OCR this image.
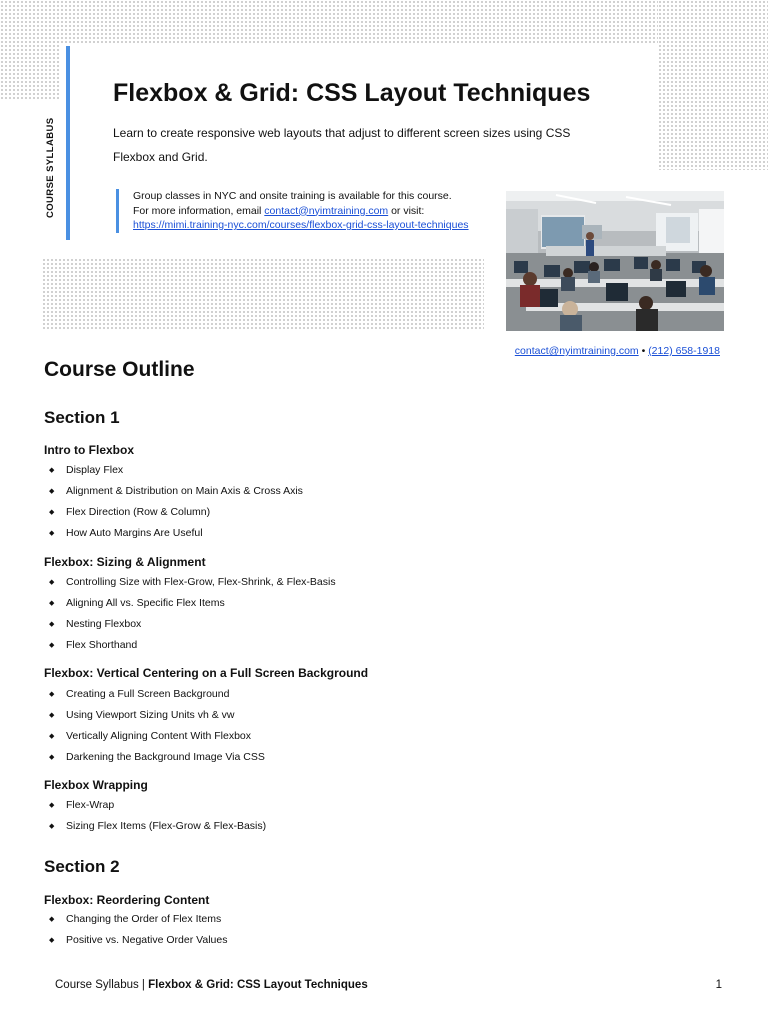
COURSE SYLLABUS
Flexbox & Grid: CSS Layout Techniques

Learn to create responsive web layouts that adjust to different screen sizes using CSS Flexbox and Grid.

Group classes in NYC and onsite training is available for this course.
For more information, email contact@nyimtraining.com or visit:
https://mimi.training-nyc.com/courses/flexbox-grid-css-layout-techniques
contact@nyimtraining.com • (212) 658-1918
Course Outline
Section 1
Intro to Flexbox
◆ Display Flex
◆ Alignment & Distribution on Main Axis & Cross Axis
◆ Flex Direction (Row & Column)
◆ How Auto Margins Are Useful
Flexbox: Sizing & Alignment
◆ Controlling Size with Flex-Grow, Flex-Shrink, & Flex-Basis
◆ Aligning All vs. Specific Flex Items
◆ Nesting Flexbox
◆ Flex Shorthand
Flexbox: Vertical Centering on a Full Screen Background
◆ Creating a Full Screen Background
◆ Using Viewport Sizing Units vh & vw
◆ Vertically Aligning Content With Flexbox
◆ Darkening the Background Image Via CSS
Flexbox Wrapping
◆ Flex-Wrap
◆ Sizing Flex Items (Flex-Grow & Flex-Basis)
Section 2
Flexbox: Reordering Content
◆ Changing the Order of Flex Items
◆ Positive vs. Negative Order Values
Course Syllabus | Flexbox & Grid: CSS Layout Techniques	1
